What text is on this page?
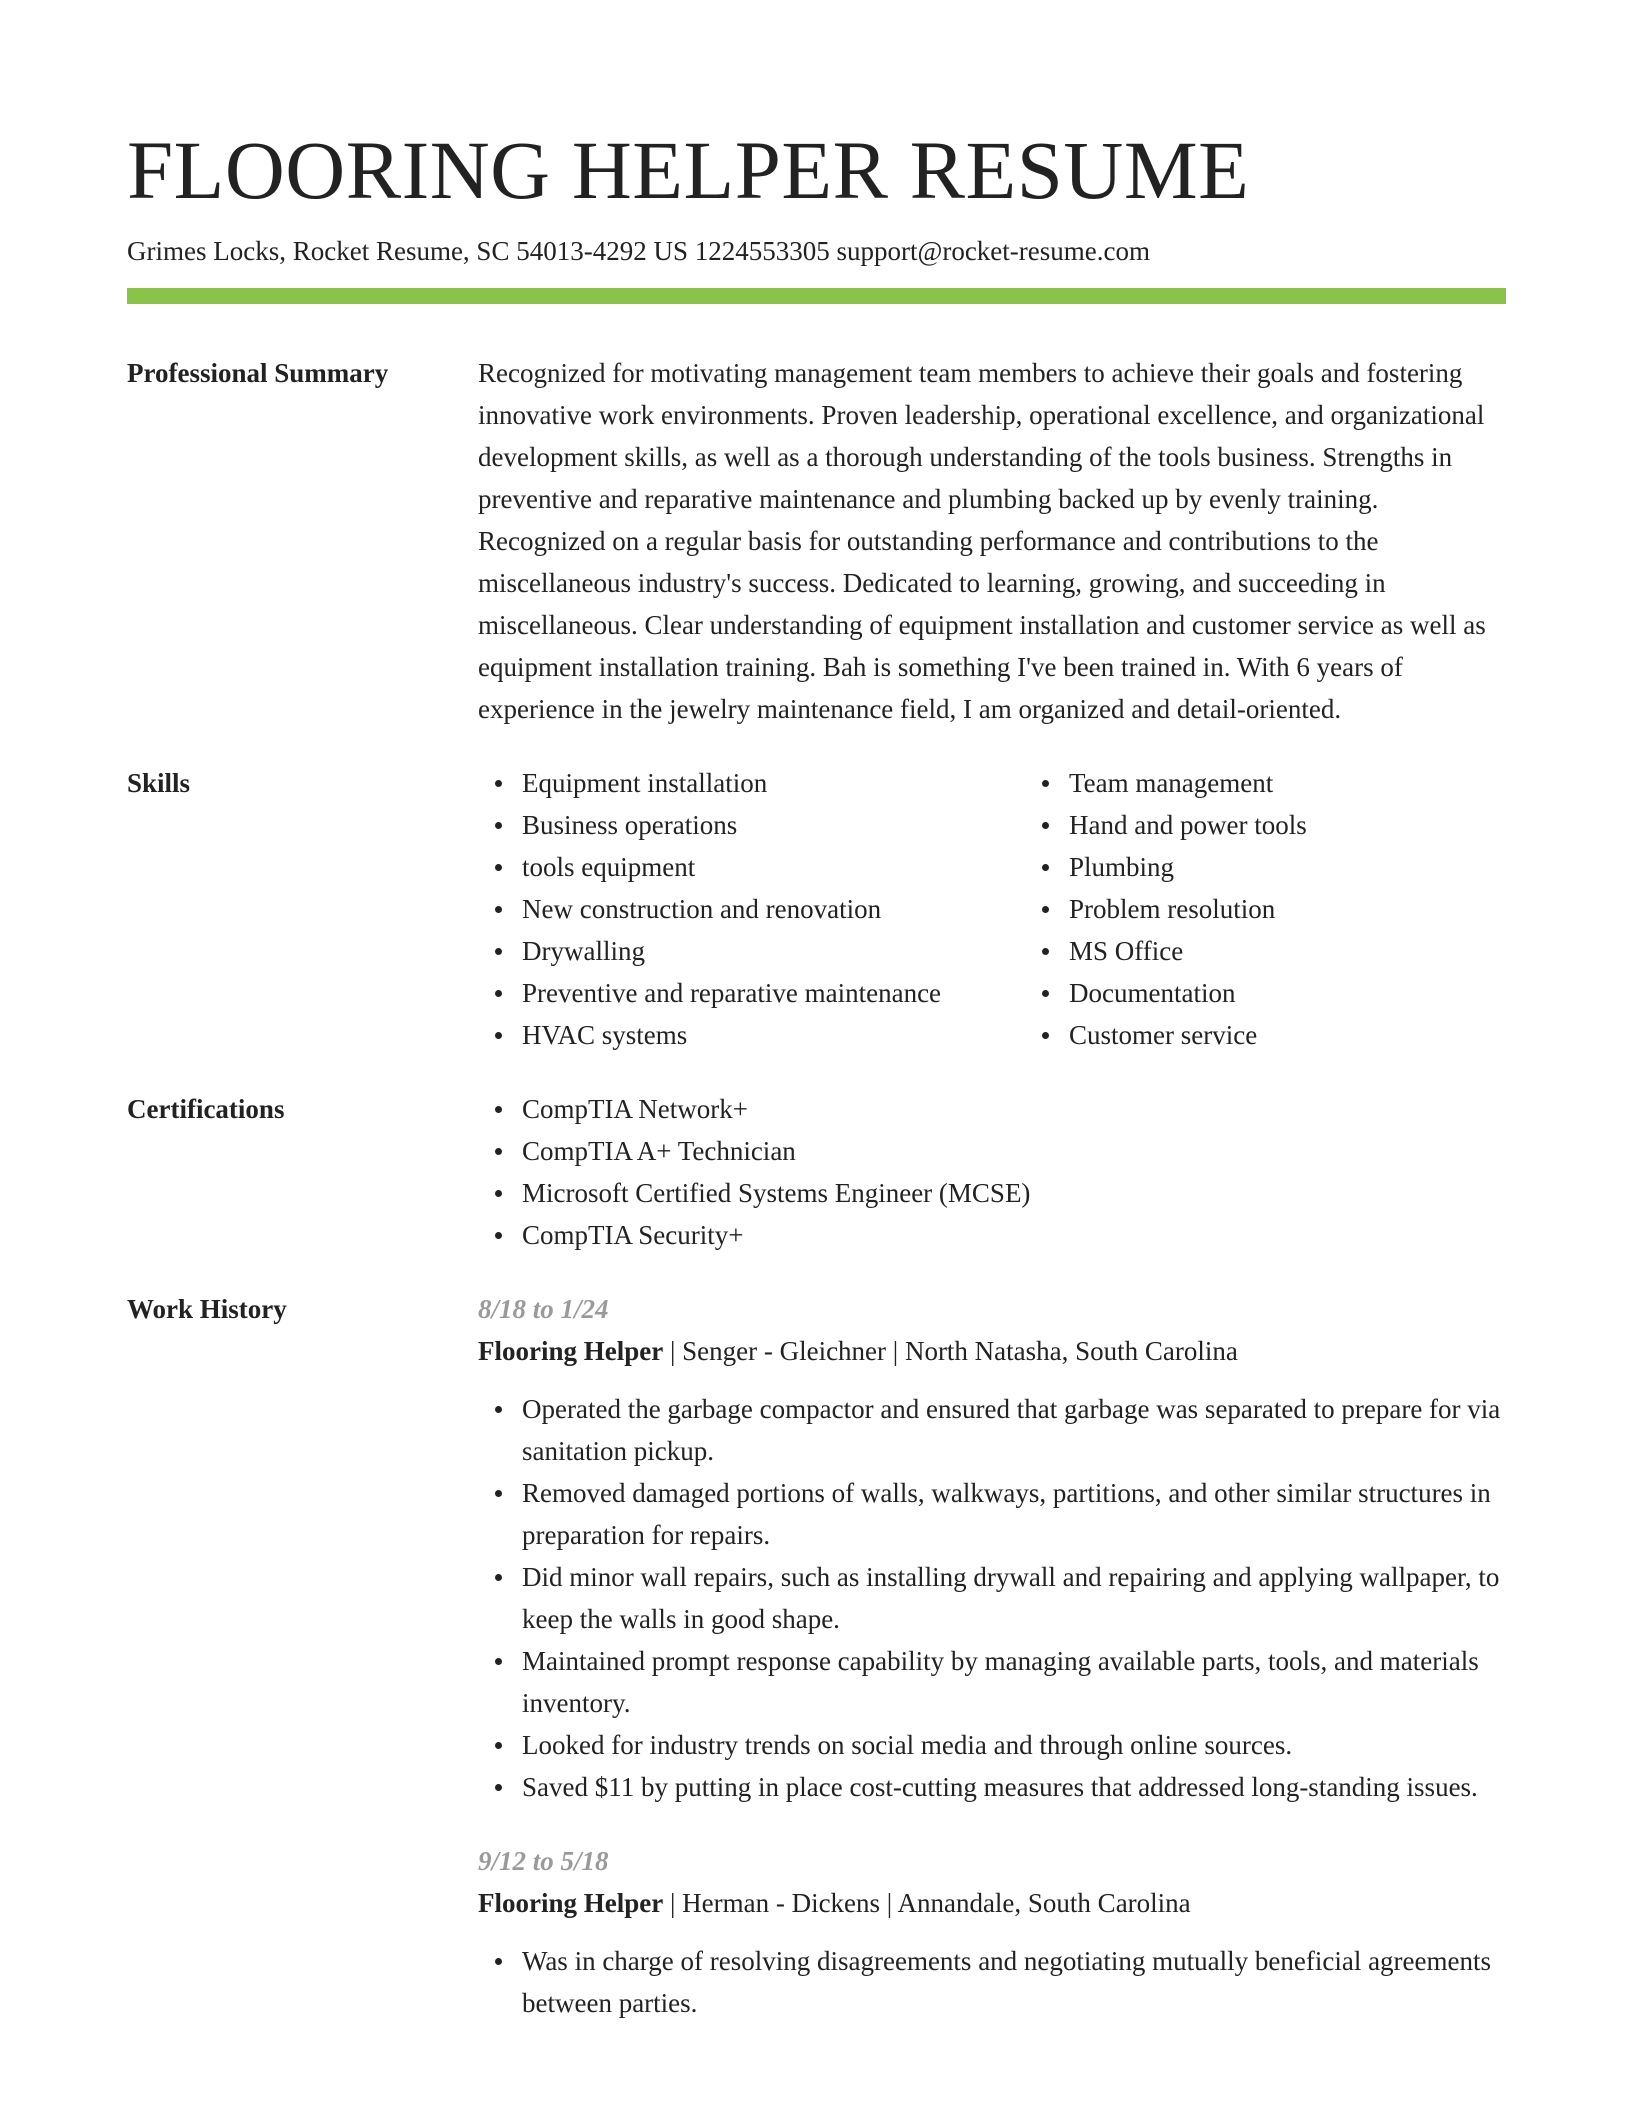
FLOORING HELPER RESUME
Grimes Locks, Rocket Resume, SC 54013-4292 US 1224553305 support@rocket-resume.com
Professional Summary	Recognized for motivating management team members to achieve their goals and fostering innovative work environments. Proven leadership, operational excellence, and organizational development skills, as well as a thorough understanding of the tools business. Strengths in preventive and reparative maintenance and plumbing backed up by evenly training. Recognized on a regular basis for outstanding performance and contributions to the miscellaneous industry's success. Dedicated to learning, growing, and succeeding in miscellaneous. Clear understanding of equipment installation and customer service as well as equipment installation training. Bah is something I've been trained in. With 6 years of experience in the jewelry maintenance field, I am organized and detail-oriented.
Skills	Equipment installation
Business operations
tools equipment
New construction and renovation
Drywalling
Preventive and reparative maintenance
HVAC systems
Team management
Hand and power tools
Plumbing
Problem resolution
MS Office
Documentation
Customer service
Certifications	CompTIA Network+
CompTIA A+ Technician
Microsoft Certified Systems Engineer (MCSE)
CompTIA Security+
Work History	8/18 to 1/24
Flooring Helper | Senger - Gleichner | North Natasha, South Carolina
Operated the garbage compactor and ensured that garbage was separated to prepare for via sanitation pickup.
Removed damaged portions of walls, walkways, partitions, and other similar structures in preparation for repairs.
Did minor wall repairs, such as installing drywall and repairing and applying wallpaper, to keep the walls in good shape.
Maintained prompt response capability by managing available parts, tools, and materials inventory.
Looked for industry trends on social media and through online sources.
Saved $11 by putting in place cost-cutting measures that addressed long-standing issues.
9/12 to 5/18
Flooring Helper | Herman - Dickens | Annandale, South Carolina
Was in charge of resolving disagreements and negotiating mutually beneficial agreements between parties.
